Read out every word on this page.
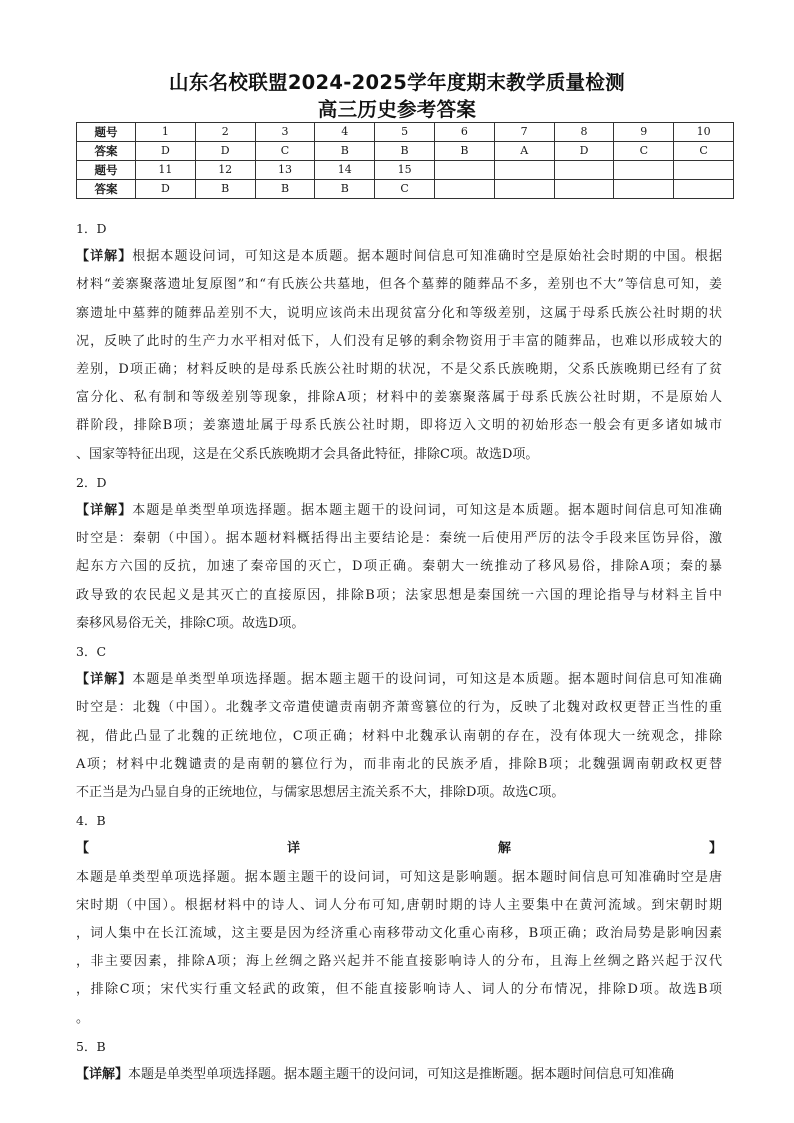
山东名校联盟2024-2025学年度期末教学质量检测
高三历史参考答案
题号	1	2	3	4	5	6	7	8	9	10
答案	D	D	C	B	B	B	A	D	C	C
题号	11	12	13	14	15					
答案	D	B	B	B	C					
1．D
【详解】根据本题设问词，可知这是本质题。据本题时间信息可知准确时空是原始社会时期的中国。根据
材料“姜寨聚落遗址复原图”和“有氏族公共墓地，但各个墓葬的随葬品不多，差别也不大”等信息可知，姜
寨遗址中墓葬的随葬品差别不大，说明应该尚未出现贫富分化和等级差别，这属于母系氏族公社时期的状
况，反映了此时的生产力水平相对低下，人们没有足够的剩余物资用于丰富的随葬品，也难以形成较大的
差别，D项正确；材料反映的是母系氏族公社时期的状况，不是父系氏族晚期，父系氏族晚期已经有了贫
富分化、私有制和等级差别等现象，排除A项；材料中的姜寨聚落属于母系氏族公社时期，不是原始人
群阶段，排除B项；姜寨遗址属于母系氏族公社时期，即将迈入文明的初始形态一般会有更多诸如城市
、国家等特征出现，这是在父系氏族晚期才会具备此特征，排除C项。故选D项。
2．D
【详解】本题是单类型单项选择题。据本题主题干的设问词，可知这是本质题。据本题时间信息可知准确
时空是：秦朝（中国）。据本题材料概括得出主要结论是：秦统一后使用严厉的法令手段来匡饬异俗，激
起东方六国的反抗，加速了秦帝国的灭亡，D项正确。秦朝大一统推动了移风易俗，排除A项；秦的暴
政导致的农民起义是其灭亡的直接原因，排除B项；法家思想是秦国统一六国的理论指导与材料主旨中
秦移风易俗无关，排除C项。故选D项。
3．C
【详解】本题是单类型单项选择题。据本题主题干的设问词，可知这是本质题。据本题时间信息可知准确
时空是：北魏（中国）。北魏孝文帝遣使谴责南朝齐萧鸾篡位的行为，反映了北魏对政权更替正当性的重
视，借此凸显了北魏的正统地位，C项正确；材料中北魏承认南朝的存在，没有体现大一统观念，排除
A项；材料中北魏谴责的是南朝的篡位行为，而非南北的民族矛盾，排除B项；北魏强调南朝政权更替
不正当是为凸显自身的正统地位，与儒家思想居主流关系不大，排除D项。故选C项。
4．B
【详解】
本题是单类型单项选择题。据本题主题干的设问词，可知这是影响题。据本题时间信息可知准确时空是唐
宋时期（中国）。根据材料中的诗人、词人分布可知,唐朝时期的诗人主要集中在黄河流域。到宋朝时期
，词人集中在长江流域，这主要是因为经济重心南移带动文化重心南移，B项正确；政治局势是影响因素
，非主要因素，排除A项；海上丝绸之路兴起并不能直接影响诗人的分布，且海上丝绸之路兴起于汉代
，排除C项；宋代实行重文轻武的政策，但不能直接影响诗人、词人的分布情况，排除D项。故选B项
。
5．B
【详解】本题是单类型单项选择题。据本题主题干的设问词，可知这是推断题。据本题时间信息可知准确
